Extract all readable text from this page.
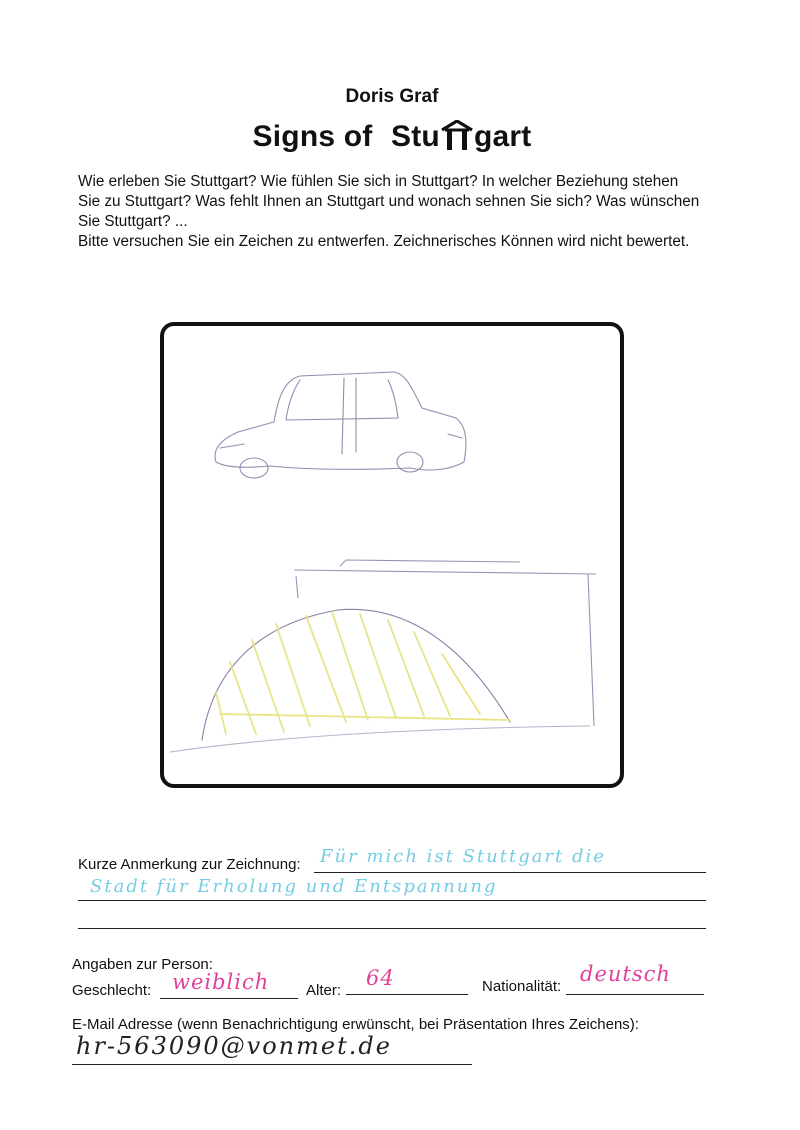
Doris Graf
Signs of Stu gart

Wie erleben Sie Stuttgart? Wie fühlen Sie sich in Stuttgart? In welcher Beziehung stehen

Sie zu Stuttgart? Was fehlt Ihnen an Stuttgart und wonach sehnen Sie sich? Was wünschen

Sie Stuttgart? ...

Bitte versuchen Sie ein Zeichen zu entwerfen. Zeichnerisches Können wird nicht bewertet.

Kurze Anmerkung zur Zeichnung: Für mich ist Stuttgart die
Stadt für Erholung und Entspannung
Angaben zur Person:
Geschlecht: weiblich Alter:
64	Nationalität:
deutsch
E-Mail Adresse (wenn Benachrichtigung erwünscht, bei Präsentation Ihres Zeichens):
hr-563090@vonmet.de
